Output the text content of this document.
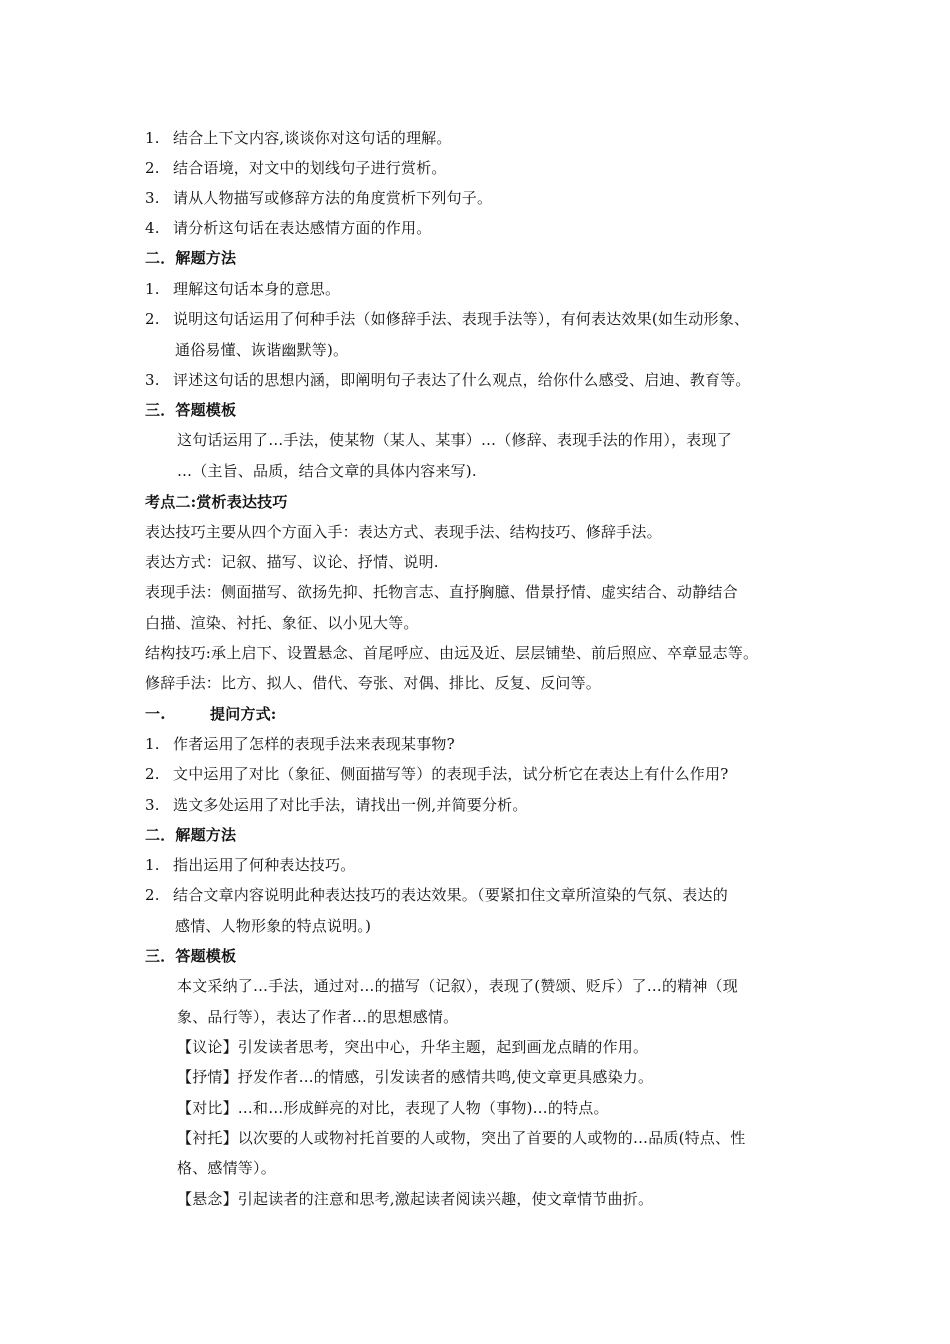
1. 结合上下文内容,谈谈你对这句话的理解。
2. 结合语境，对文中的划线句子进行赏析。
3. 请从人物描写或修辞方法的角度赏析下列句子。
4. 请分析这句话在表达感情方面的作用。
二．解题方法
1. 理解这句话本身的意思。
2. 说明这句话运用了何种手法（如修辞手法、表现手法等），有何表达效果(如生动形象、
通俗易懂、诙谐幽默等)。
3. 评述这句话的思想内涵，即阐明句子表达了什么观点，给你什么感受、启迪、教育等。
三．答题模板
这句话运用了…手法，使某物（某人、某事）…（修辞、表现手法的作用），表现了
…（主旨、品质，结合文章的具体内容来写).
考点二:赏析表达技巧
表达技巧主要从四个方面入手：表达方式、表现手法、结构技巧、修辞手法。
表达方式：记叙、描写、议论、抒情、说明.
表现手法：侧面描写、欲扬先抑、托物言志、直抒胸臆、借景抒情、虚实结合、动静结合
白描、渲染、衬托、象征、以小见大等。
结构技巧:承上启下、设置悬念、首尾呼应、由远及近、层层铺垫、前后照应、卒章显志等。
修辞手法：比方、拟人、借代、夸张、对偶、排比、反复、反问等。
一.	提问方式:
1. 作者运用了怎样的表现手法来表现某事物?
2. 文中运用了对比（象征、侧面描写等）的表现手法，试分析它在表达上有什么作用?
3. 选文多处运用了对比手法，请找出一例,并简要分析。
二．解题方法
1. 指出运用了何种表达技巧。
2. 结合文章内容说明此种表达技巧的表达效果。（要紧扣住文章所渲染的气氛、表达的
感情、人物形象的特点说明。)
三．答题模板
本文采纳了…手法，通过对…的描写（记叙），表现了(赞颂、贬斥）了…的精神（现
象、品行等），表达了作者…的思想感情。
【议论】引发读者思考，突出中心，升华主题，起到画龙点睛的作用。
【抒情】抒发作者…的情感，引发读者的感情共鸣,使文章更具感染力。
【对比】…和…形成鲜亮的对比，表现了人物（事物)…的特点。
【衬托】以次要的人或物衬托首要的人或物，突出了首要的人或物的…品质(特点、性
格、感情等）。
【悬念】引起读者的注意和思考,激起读者阅读兴趣，使文章情节曲折。
